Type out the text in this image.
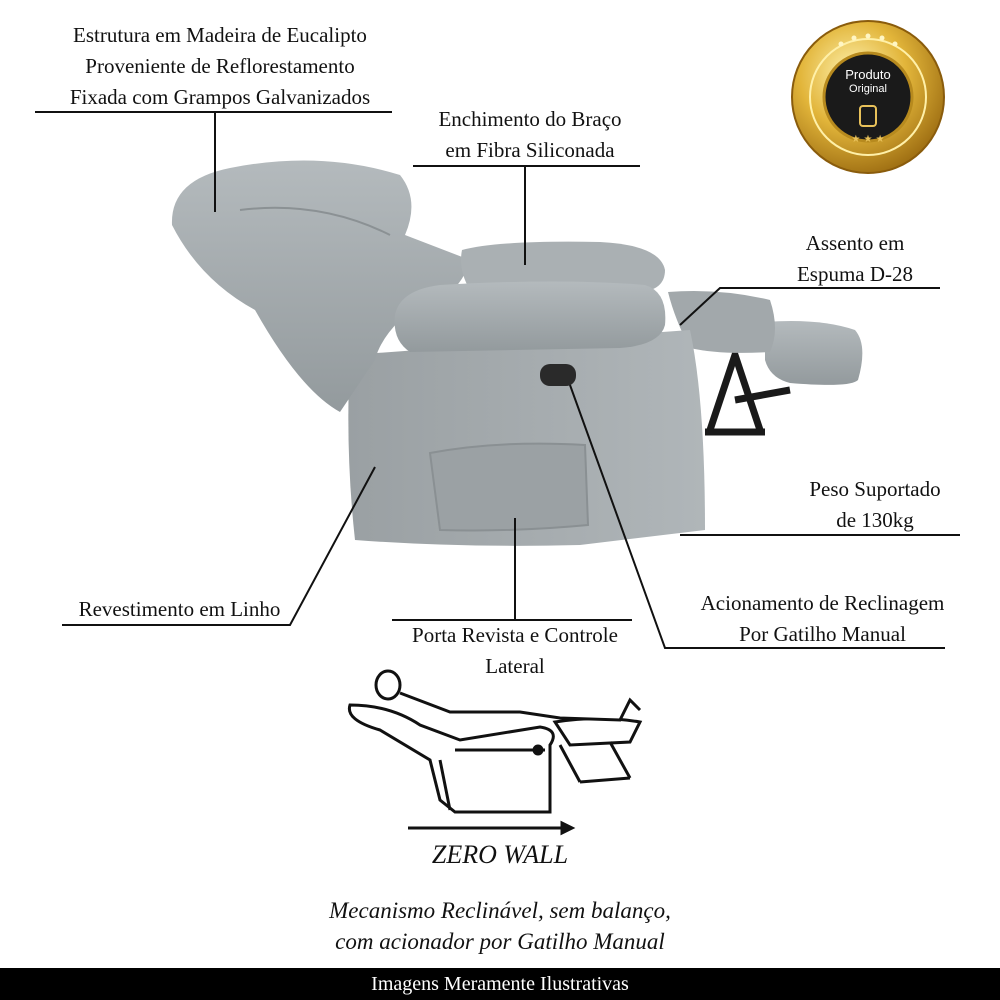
★ ★ ★
Produto
Original
Estrutura em Madeira de Eucalipto
Proveniente de Reflorestamento
Fixada com Grampos Galvanizados
Enchimento do Braço
em Fibra Siliconada
Assento em
Espuma D-28
Peso Suportado
de 130kg
Acionamento de Reclinagem
Por Gatilho Manual
Porta Revista e Controle
Lateral
Revestimento em Linho
ZERO WALL
Mecanismo Reclinável, sem balanço,
com acionador por Gatilho Manual
Imagens Meramente Ilustrativas
